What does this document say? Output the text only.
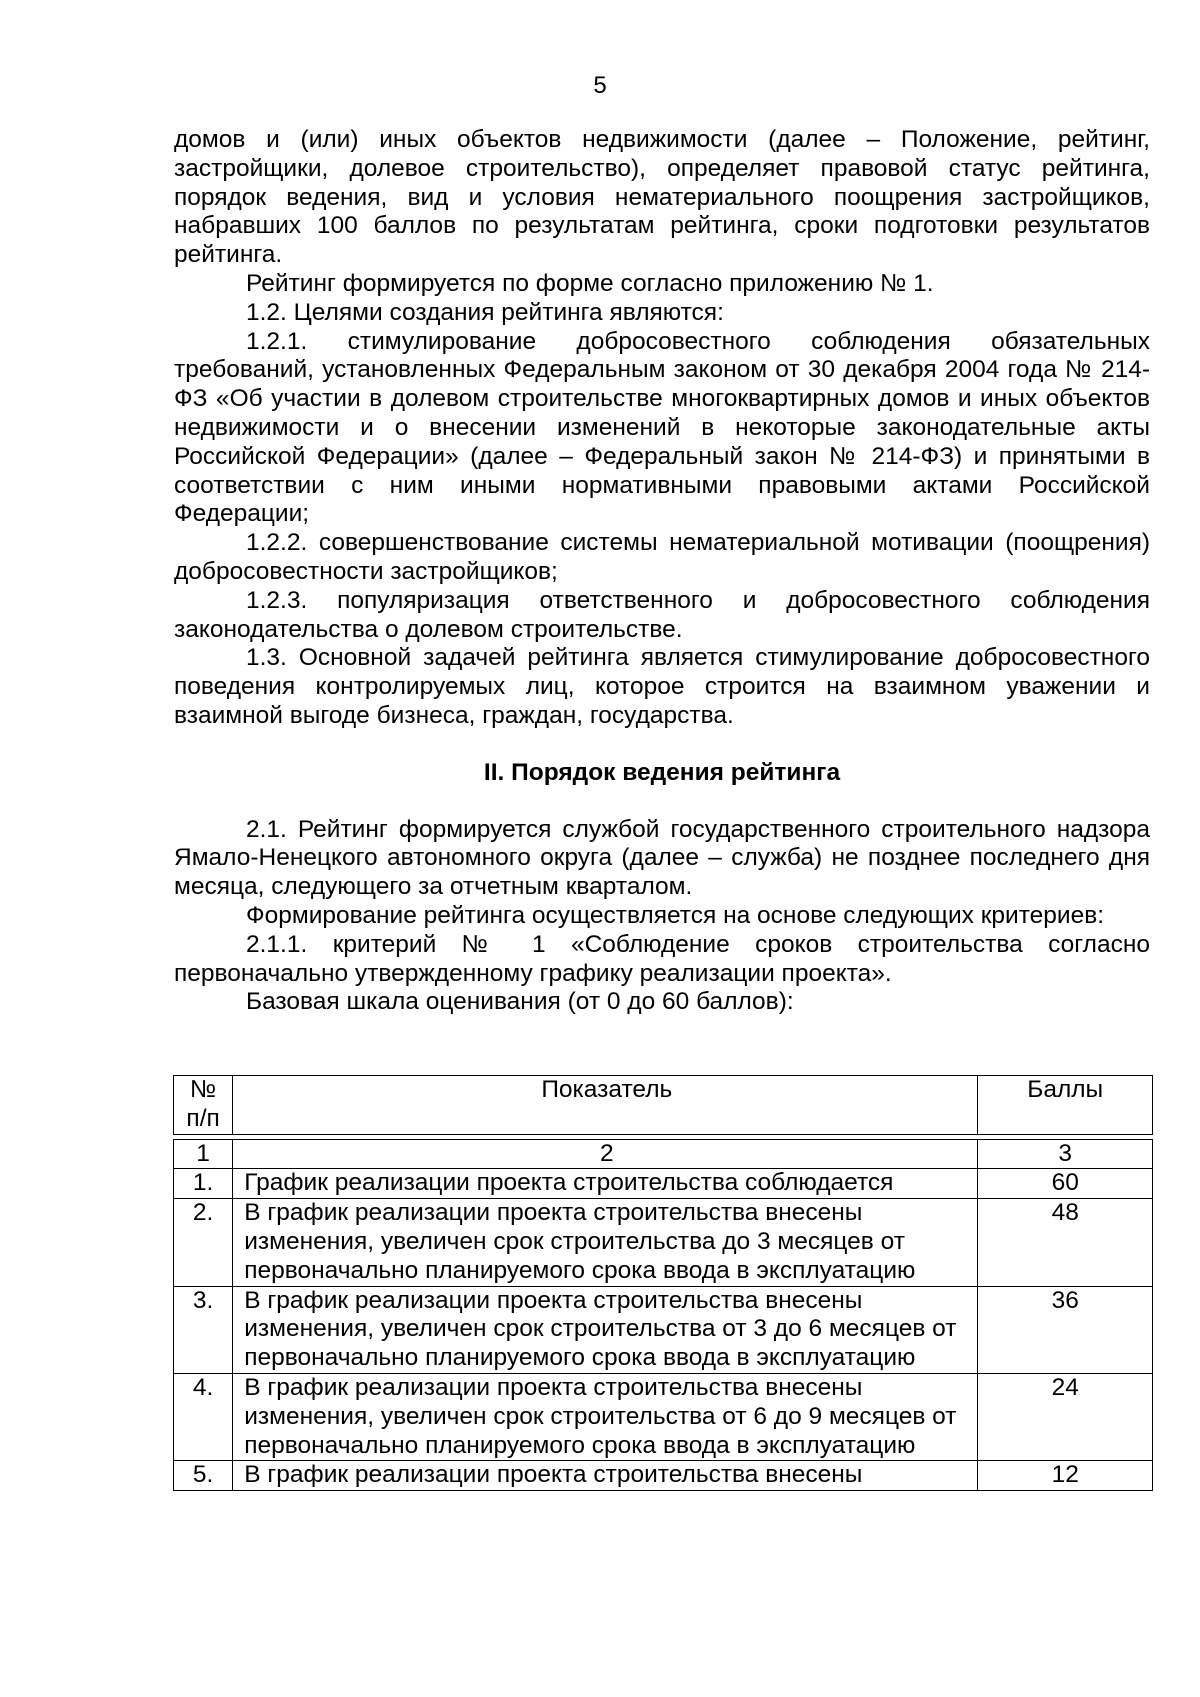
5

домов и (или) иных объектов недвижимости (далее – Положение, рейтинг, застройщики, долевое строительство), определяет правовой статус рейтинга, порядок ведения, вид и условия нематериального поощрения застройщиков, набравших 100 баллов по результатам рейтинга, сроки подготовки результатов рейтинга.

Рейтинг формируется по форме согласно приложению № 1.

1.2. Целями создания рейтинга являются:

1.2.1. стимулирование добросовестного соблюдения обязательных требований, установленных Федеральным законом от 30 декабря 2004 года № 214-ФЗ «Об участии в долевом строительстве многоквартирных домов и иных объектов недвижимости и о внесении изменений в некоторые законодательные акты Российской Федерации» (далее – Федеральный закон № 214-ФЗ) и принятыми в соответствии с ним иными нормативными правовыми актами Российской Федерации;

1.2.2. совершенствование системы нематериальной мотивации (поощрения) добросовестности застройщиков;

1.2.3. популяризация ответственного и добросовестного соблюдения законодательства о долевом строительстве.

1.3. Основной задачей рейтинга является стимулирование добросовестного поведения контролируемых лиц, которое строится на взаимном уважении и взаимной выгоде бизнеса, граждан, государства.

II. Порядок ведения рейтинга

2.1. Рейтинг формируется службой государственного строительного надзора Ямало-Ненецкого автономного округа (далее – служба) не позднее последнего дня месяца, следующего за отчетным кварталом.

Формирование рейтинга осуществляется на основе следующих критериев:

2.1.1. критерий № 1 «Соблюдение сроков строительства согласно первоначально утвержденному графику реализации проекта».

Базовая шкала оценивания (от 0 до 60 баллов):

№
п/п	Показатель	Баллы

1	2	3
1.	График реализации проекта строительства соблюдается	60
2.	В график реализации проекта строительства внесены изменения, увеличен срок строительства до 3 месяцев от первоначально планируемого срока ввода в эксплуатацию	48
3.	В график реализации проекта строительства внесены изменения, увеличен срок строительства от 3 до 6 месяцев от первоначально планируемого срока ввода в эксплуатацию	36
4.	В график реализации проекта строительства внесены изменения, увеличен срок строительства от 6 до 9 месяцев от первоначально планируемого срока ввода в эксплуатацию	24
5.	В график реализации проекта строительства внесены	12
